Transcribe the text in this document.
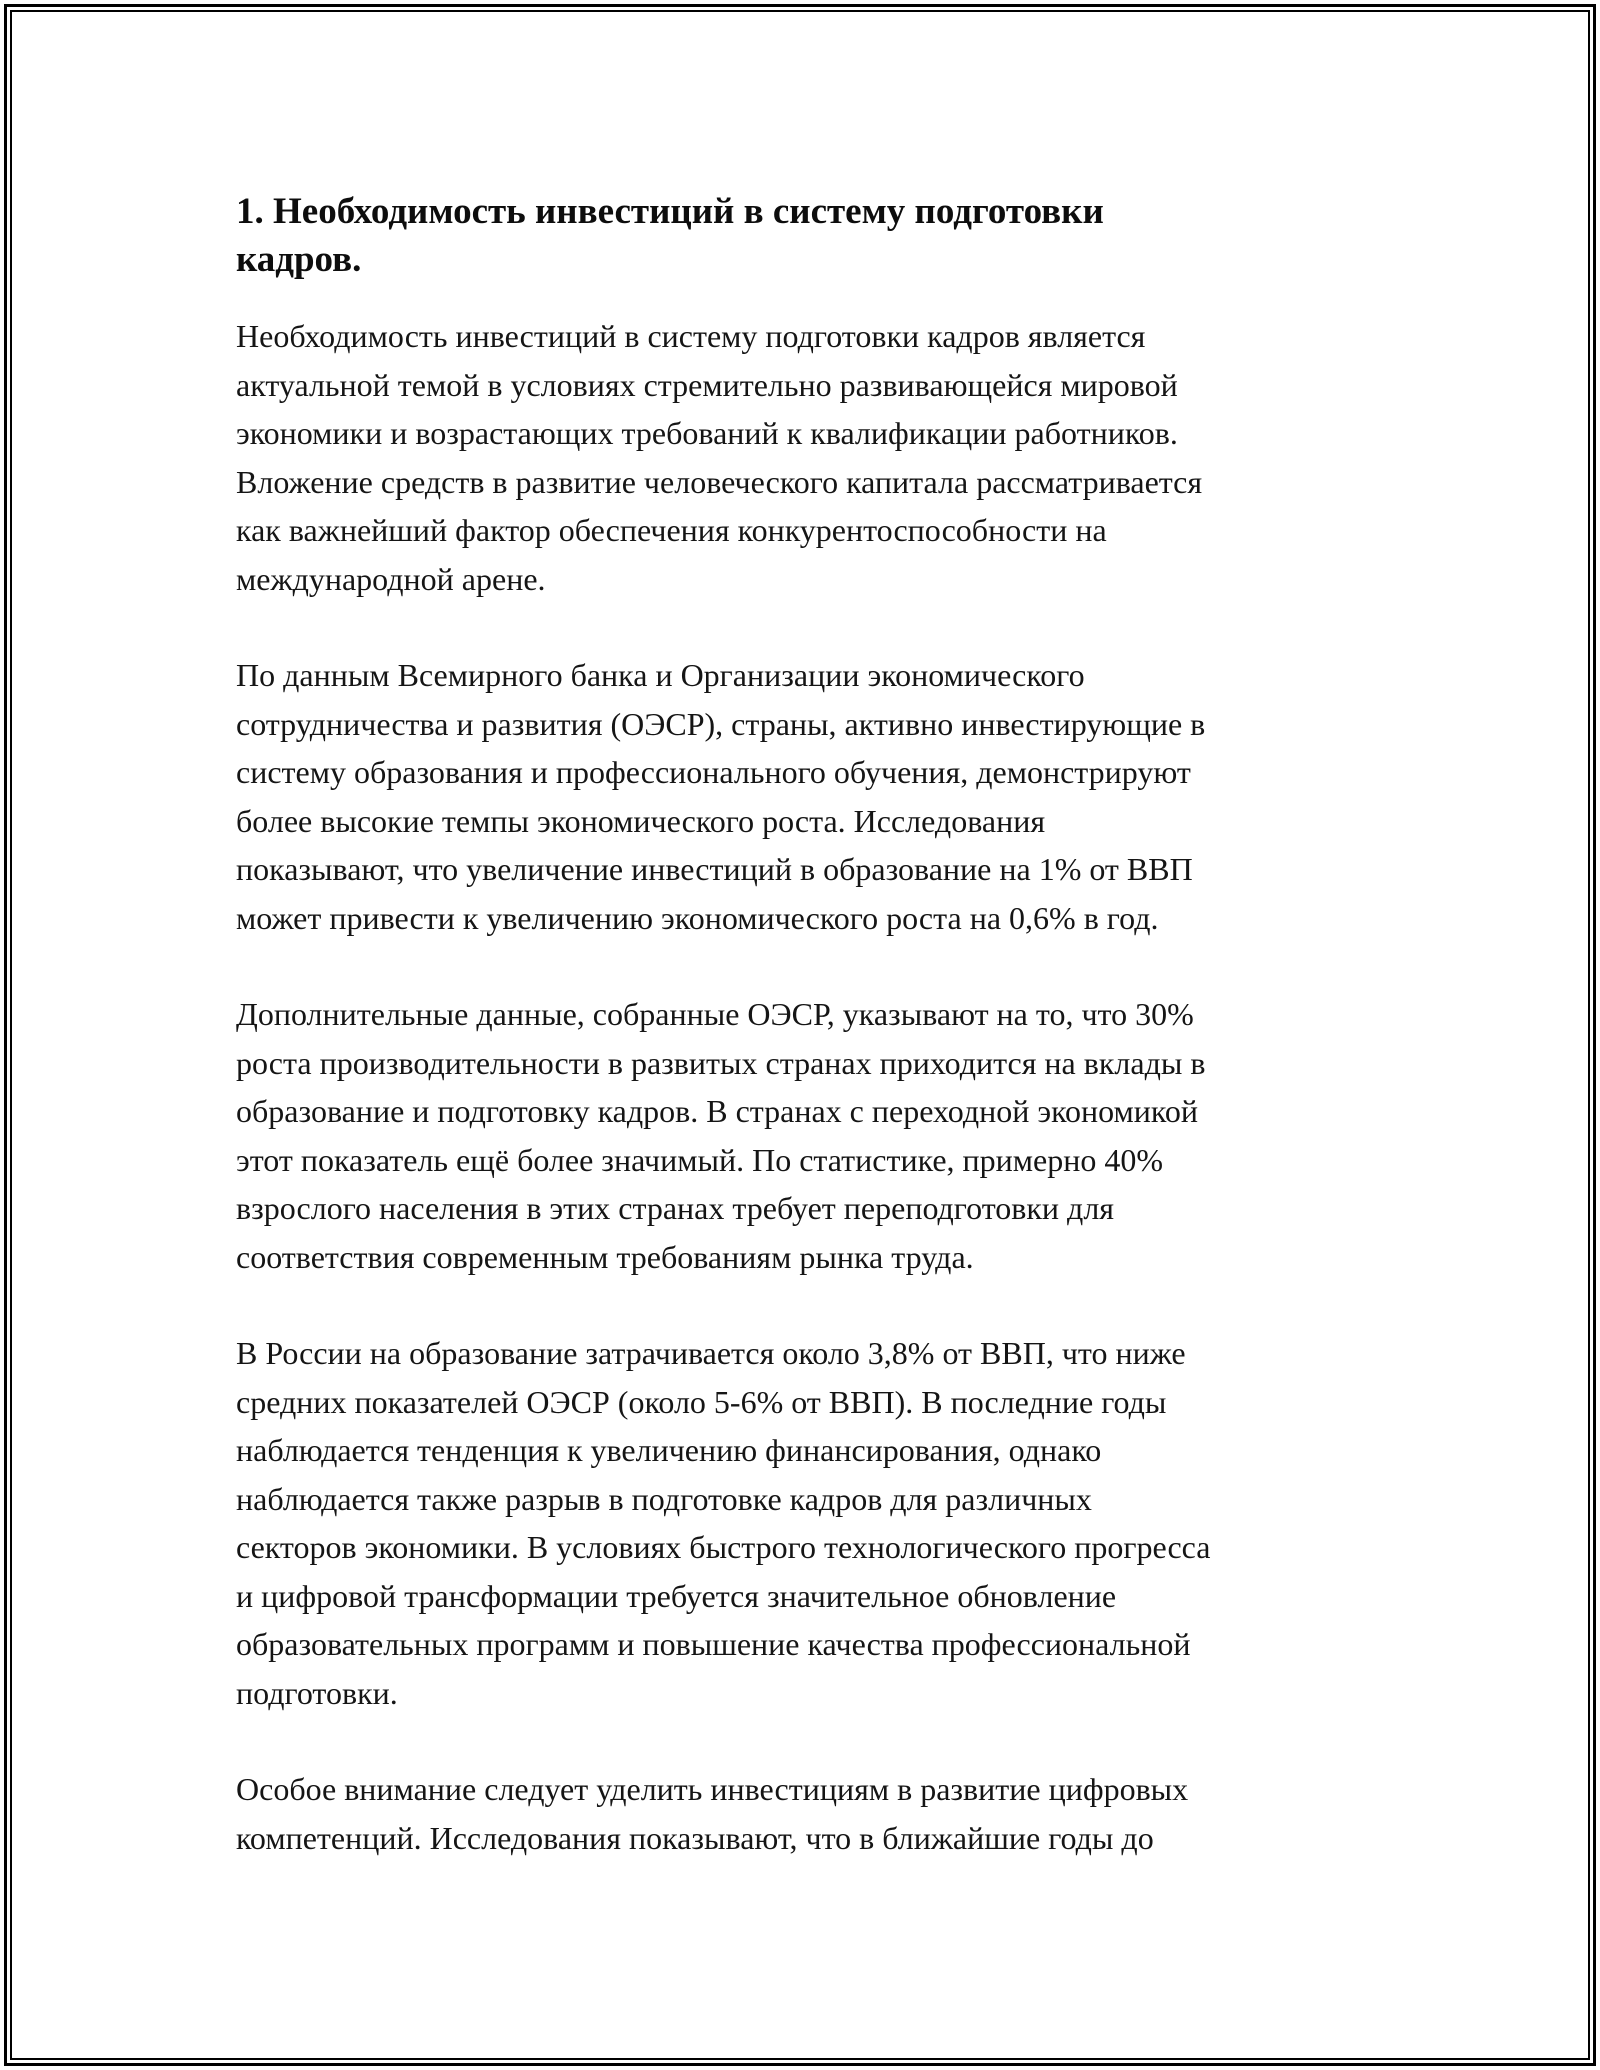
1. Необходимость инвестиций в систему подготовки
кадров.

Необходимость инвестиций в систему подготовки кадров является
актуальной темой в условиях стремительно развивающейся мировой
экономики и возрастающих требований к квалификации работников.
Вложение средств в развитие человеческого капитала рассматривается
как важнейший фактор обеспечения конкурентоспособности на
международной арене.

По данным Всемирного банка и Организации экономического
сотрудничества и развития (ОЭСР), страны, активно инвестирующие в
систему образования и профессионального обучения, демонстрируют
более высокие темпы экономического роста. Исследования
показывают, что увеличение инвестиций в образование на 1% от ВВП
может привести к увеличению экономического роста на 0,6% в год.

Дополнительные данные, собранные ОЭСР, указывают на то, что 30%
роста производительности в развитых странах приходится на вклады в
образование и подготовку кадров. В странах с переходной экономикой
этот показатель ещё более значимый. По статистике, примерно 40%
взрослого населения в этих странах требует переподготовки для
соответствия современным требованиям рынка труда.

В России на образование затрачивается около 3,8% от ВВП, что ниже
средних показателей ОЭСР (около 5-6% от ВВП). В последние годы
наблюдается тенденция к увеличению финансирования, однако
наблюдается также разрыв в подготовке кадров для различных
секторов экономики. В условиях быстрого технологического прогресса
и цифровой трансформации требуется значительное обновление
образовательных программ и повышение качества профессиональной
подготовки.

Особое внимание следует уделить инвестициям в развитие цифровых
компетенций. Исследования показывают, что в ближайшие годы до
